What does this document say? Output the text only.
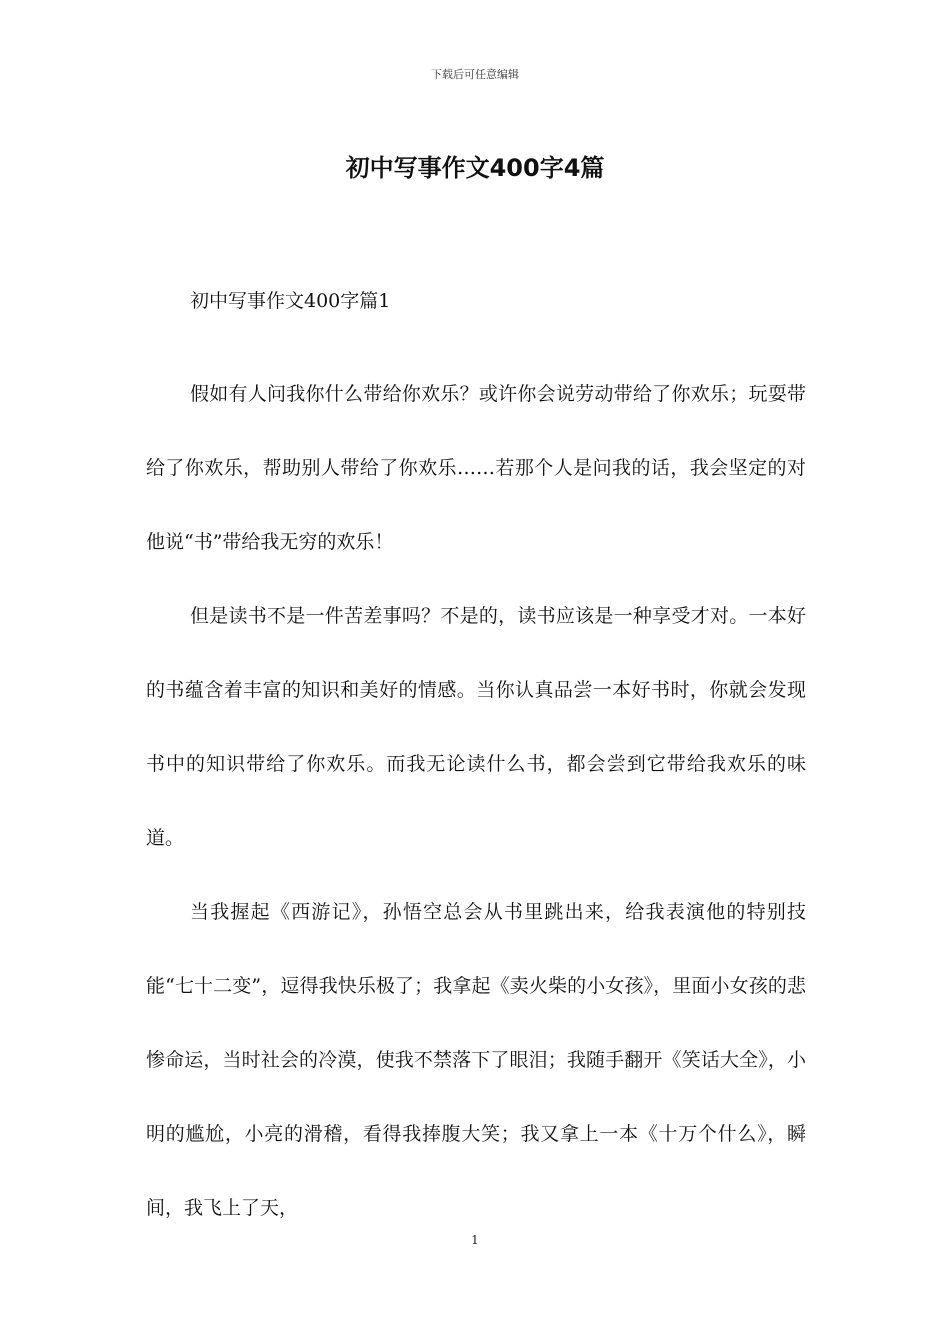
下载后可任意编辑
初中写事作文400字4篇

初中写事作文400字篇1

假如有人问我你什么带给你欢乐？或许你会说劳动带给了你欢乐；玩耍带给了你欢乐，帮助别人带给了你欢乐……若那个人是问我的话，我会坚定的对他说“书”带给我无穷的欢乐！

但是读书不是一件苦差事吗？不是的，读书应该是一种享受才对。一本好的书蕴含着丰富的知识和美好的情感。当你认真品尝一本好书时，你就会发现书中的知识带给了你欢乐。而我无论读什么书，都会尝到它带给我欢乐的味道。

当我握起《西游记》，孙悟空总会从书里跳出来，给我表演他的特别技能“七十二变”，逗得我快乐极了；我拿起《卖火柴的小女孩》，里面小女孩的悲惨命运，当时社会的冷漠，使我不禁落下了眼泪；我随手翻开《笑话大全》，小明的尴尬，小亮的滑稽，看得我捧腹大笑；我又拿上一本《十万个什么》，瞬间，我飞上了天，

1
